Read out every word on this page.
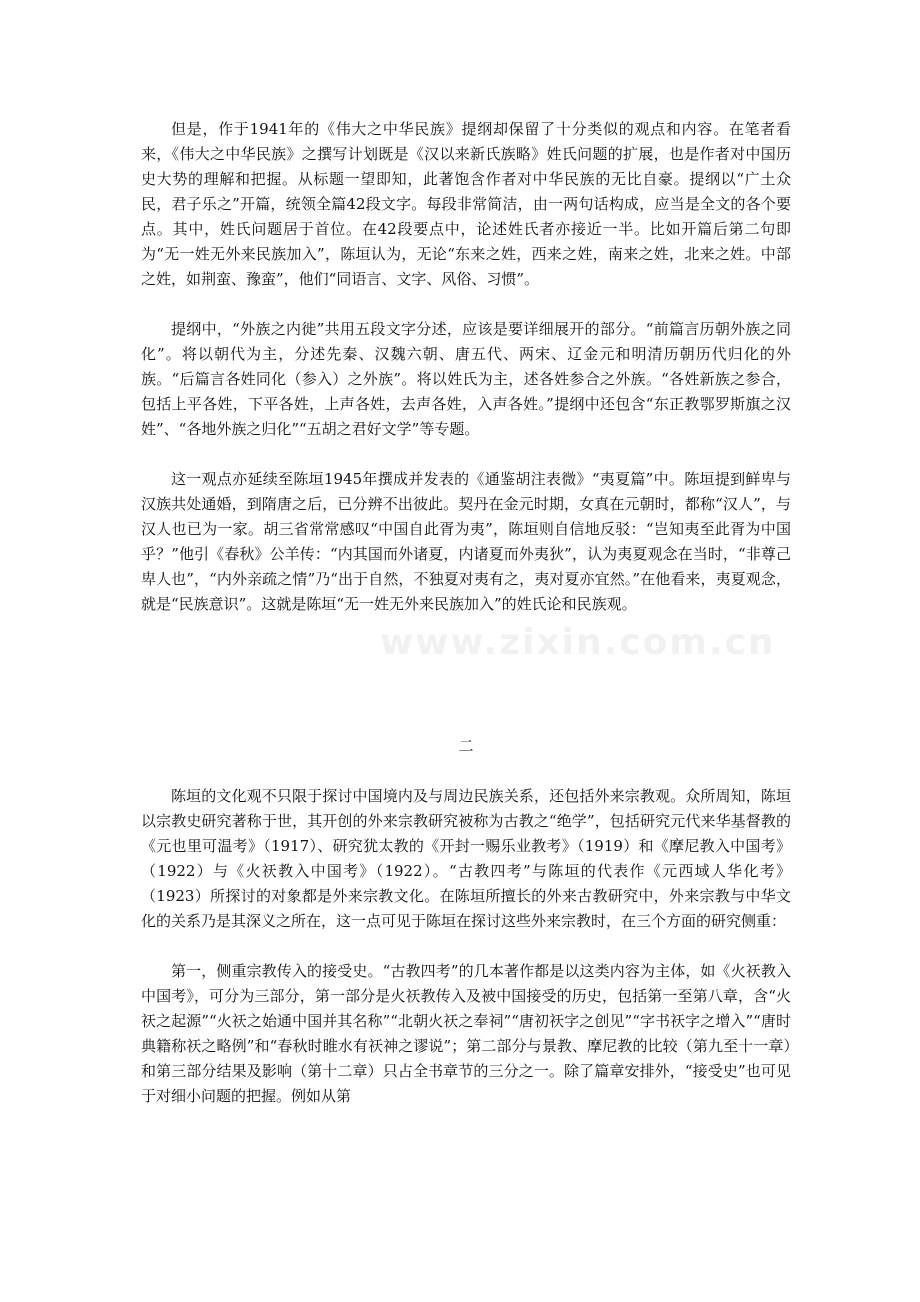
但是，作于1941年的《伟大之中华民族》提纲却保留了十分类似的观点和内容。在笔者看来，《伟大之中华民族》之撰写计划既是《汉以来新氏族略》姓氏问题的扩展，也是作者对中国历史大势的理解和把握。从标题一望即知，此著饱含作者对中华民族的无比自豪。提纲以“广土众民，君子乐之”开篇，统领全篇42段文字。每段非常简洁，由一两句话构成，应当是全文的各个要点。其中，姓氏问题居于首位。在42段要点中，论述姓氏者亦接近一半。比如开篇后第二句即为“无一姓无外来民族加入”，陈垣认为，无论“东来之姓，西来之姓，南来之姓，北来之姓。中部之姓，如荆蛮、豫蛮”，他们“同语言、文字、风俗、习惯”。

提纲中，“外族之内徙”共用五段文字分述，应该是要详细展开的部分。“前篇言历朝外族之同化”。将以朝代为主，分述先秦、汉魏六朝、唐五代、两宋、辽金元和明清历朝历代归化的外族。“后篇言各姓同化（参入）之外族”。将以姓氏为主，述各姓参合之外族。“各姓新族之参合，包括上平各姓，下平各姓，上声各姓，去声各姓，入声各姓。”提纲中还包含“东正教鄂罗斯旗之汉姓”、“各地外族之归化”“五胡之君好文学”等专题。

这一观点亦延续至陈垣1945年撰成并发表的《通鉴胡注表微》“夷夏篇”中。陈垣提到鲜卑与汉族共处通婚，到隋唐之后，已分辨不出彼此。契丹在金元时期，女真在元朝时，都称“汉人”，与汉人也已为一家。胡三省常常感叹“中国自此胥为夷”，陈垣则自信地反驳：“岂知夷至此胥为中国乎？”他引《春秋》公羊传：“内其国而外诸夏，内诸夏而外夷狄”，认为夷夏观念在当时，“非尊己卑人也”，“内外亲疏之情”乃“出于自然，不独夏对夷有之，夷对夏亦宜然。”在他看来，夷夏观念，就是“民族意识”。这就是陈垣“无一姓无外来民族加入”的姓氏论和民族观。

二

陈垣的文化观不只限于探讨中国境内及与周边民族关系，还包括外来宗教观。众所周知，陈垣以宗教史研究著称于世，其开创的外来宗教研究被称为古教之“绝学”，包括研究元代来华基督教的《元也里可温考》（1917）、研究犹太教的《开封一赐乐业教考》（1919）和《摩尼教入中国考》（1922）与《火祆教入中国考》（1922）。“古教四考”与陈垣的代表作《元西域人华化考》（1923）所探讨的对象都是外来宗教文化。在陈垣所擅长的外来古教研究中，外来宗教与中华文化的关系乃是其深义之所在，这一点可见于陈垣在探讨这些外来宗教时，在三个方面的研究侧重：

第一，侧重宗教传入的接受史。“古教四考”的几本著作都是以这类内容为主体，如《火祆教入中国考》，可分为三部分，第一部分是火祆教传入及被中国接受的历史，包括第一至第八章，含“火祆之起源”“火祆之始通中国并其名称”“北朝火祆之奉祠”“唐初祆字之创见”“字书祆字之增入”“唐时典籍称祆之略例”和“春秋时睢水有祆神之谬说”；第二部分与景教、摩尼教的比较（第九至十一章）和第三部分结果及影响（第十二章）只占全书章节的三分之一。除了篇章安排外，“接受史”也可见于对细小问题的把握。例如从第

www.zixin.com.cn
